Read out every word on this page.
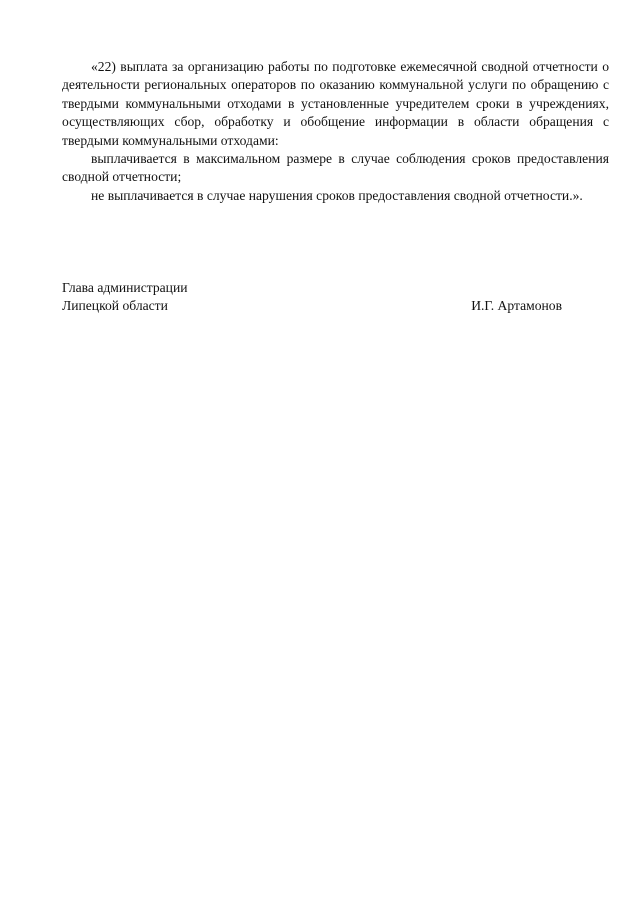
«22) выплата за организацию работы по подготовке ежемесячной сводной отчетности о деятельности региональных операторов по оказанию коммунальной услуги по обращению с твердыми коммунальными отходами в установленные учредителем сроки в учреждениях, осуществляющих сбор, обработку и обобщение информации в области обращения с твердыми коммунальными отходами:

выплачивается в максимальном размере в случае соблюдения сроков предоставления сводной отчетности;

не выплачивается в случае нарушения сроков предоставления сводной отчетности.».

Глава администрации
Липецкой области	И.Г. Артамонов
